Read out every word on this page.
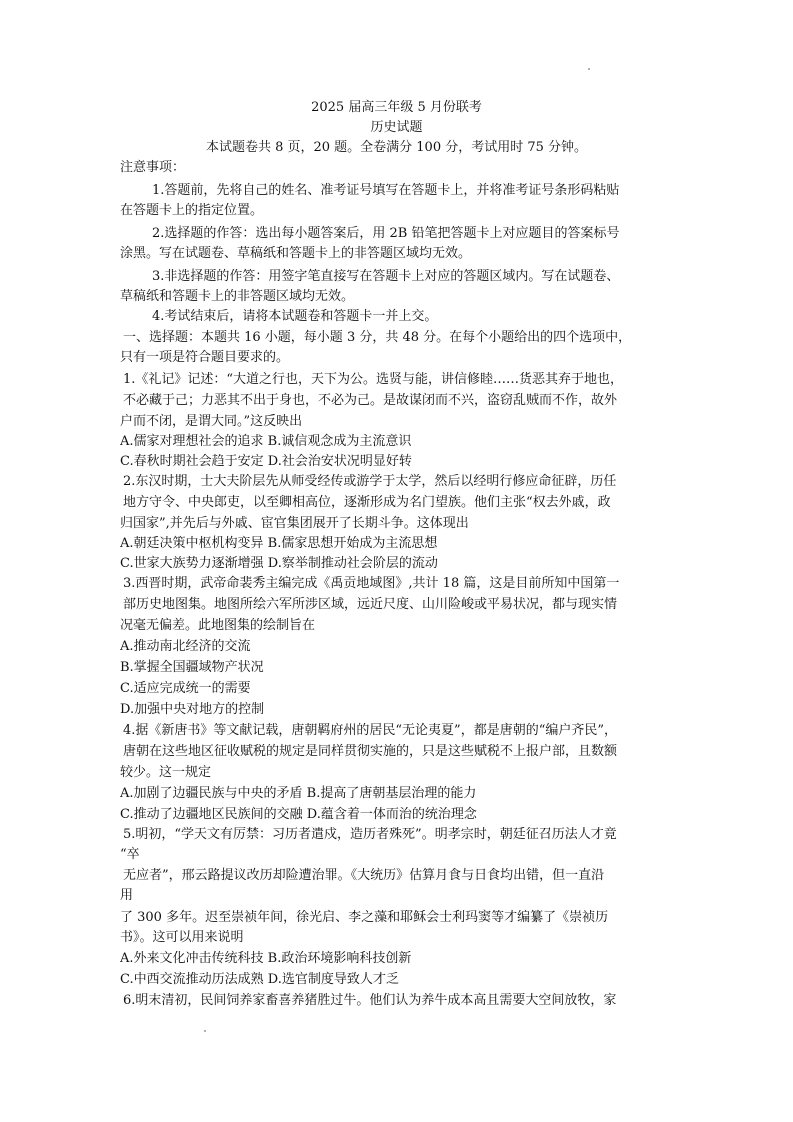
2025 届高三年级 5 月份联考
历史试题
本试题卷共 8 页，20 题。全卷满分 100 分，考试用时 75 分钟。
注意事项：
1.答题前，先将自己的姓名、准考证号填写在答题卡上，并将准考证号条形码粘贴
在答题卡上的指定位置。
2.选择题的作答：选出每小题答案后，用 2B 铅笔把答题卡上对应题目的答案标号
涂黑。写在试题卷、草稿纸和答题卡上的非答题区域均无效。
3.非选择题的作答：用签字笔直接写在答题卡上对应的答题区域内。写在试题卷、
草稿纸和答题卡上的非答题区域均无效。
4.考试结束后，请将本试题卷和答题卡一并上交。
一、选择题：本题共 16 小题，每小题 3 分，共 48 分。在每个小题给出的四个选项中，
只有一项是符合题目要求的。
1.《礼记》记述：“大道之行也，天下为公。选贤与能，讲信修睦……货恶其弃于地也，
不必藏于己；力恶其不出于身也，不必为己。是故谋闭而不兴，盗窃乱贼而不作，故外
户而不闭，是谓大同。”这反映出
A.儒家对理想社会的追求 B.诚信观念成为主流意识
C.春秋时期社会趋于安定 D.社会治安状况明显好转
2.东汉时期，士大夫阶层先从师受经传或游学于太学，然后以经明行修应命征辟，历任
地方守令、中央郎吏，以至卿相高位，逐渐形成为名门望族。他们主张“权去外戚，政
归国家”,并先后与外戚、宦官集团展开了长期斗争。这体现出
A.朝廷决策中枢机构变异 B.儒家思想开始成为主流思想
C.世家大族势力逐渐增强 D.察举制推动社会阶层的流动
3.西晋时期，武帝命裴秀主编完成《禹贡地域图》,共计 18 篇，这是目前所知中国第一
部历史地图集。地图所绘六军所涉区域，远近尺度、山川险峻或平易状况，都与现实情
况毫无偏差。此地图集的绘制旨在
A.推动南北经济的交流
B.掌握全国疆域物产状况
C.适应完成统一的需要
D.加强中央对地方的控制
4.据《新唐书》等文献记载，唐朝羁府州的居民“无论夷夏”，都是唐朝的“编户齐民”，
唐朝在这些地区征收赋税的规定是同样贯彻实施的，只是这些赋税不上报户部，且数额
较少。这一规定
A.加剧了边疆民族与中央的矛盾 B.提高了唐朝基层治理的能力
C.推动了边疆地区民族间的交融 D.蕴含着一体而治的统治理念
5.明初，“学天文有厉禁：习历者遣戍，造历者殊死”。明孝宗时，朝廷征召历法人才竟
“卒
无应者”，邢云路提议改历却险遭治罪。《大统历》估算月食与日食均出错，但一直沿
用
了 300 多年。迟至崇祯年间，徐光启、李之藻和耶稣会士利玛窦等才编纂了《崇祯历
书》。这可以用来说明
A.外来文化冲击传统科技 B.政治环境影响科技创新
C.中西交流推动历法成熟 D.选官制度导致人才乏
6.明末清初，民间饲养家畜喜养猪胜过牛。他们认为养牛成本高且需要大空间放牧，家
